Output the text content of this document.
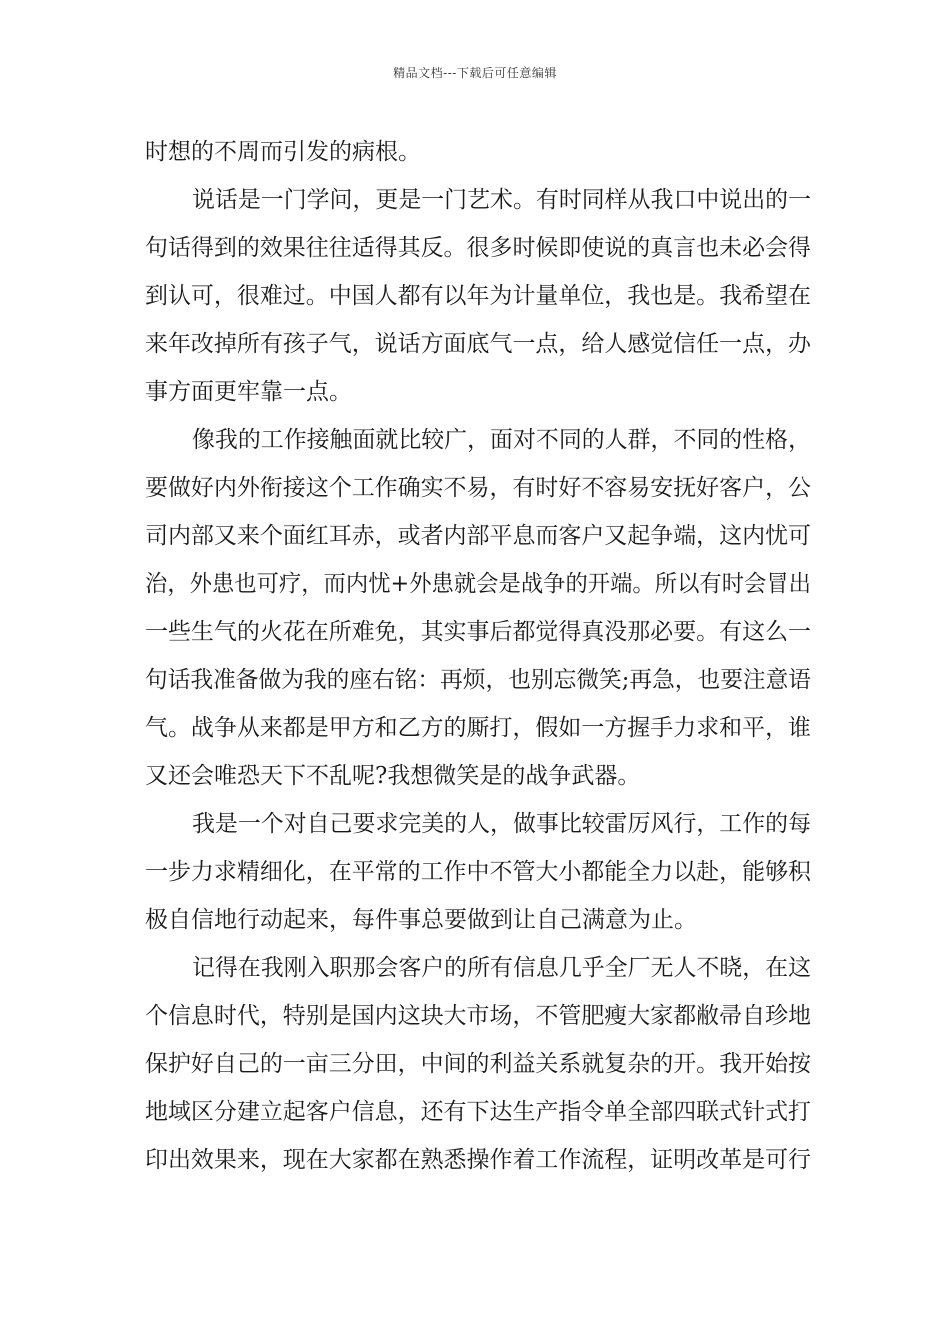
精品文档---下载后可任意编辑
时想的不周而引发的病根。
说话是一门学问，更是一门艺术。有时同样从我口中说出的一
句话得到的效果往往适得其反。很多时候即使说的真言也未必会得
到认可，很难过。中国人都有以年为计量单位，我也是。我希望在
来年改掉所有孩子气，说话方面底气一点，给人感觉信任一点，办
事方面更牢靠一点。
像我的工作接触面就比较广，面对不同的人群，不同的性格，
要做好内外衔接这个工作确实不易，有时好不容易安抚好客户，公
司内部又来个面红耳赤，或者内部平息而客户又起争端，这内忧可
治，外患也可疗，而内忧+外患就会是战争的开端。所以有时会冒出
一些生气的火花在所难免，其实事后都觉得真没那必要。有这么一
句话我准备做为我的座右铭：再烦，也别忘微笑;再急，也要注意语
气。战争从来都是甲方和乙方的厮打，假如一方握手力求和平，谁
又还会唯恐天下不乱呢?我想微笑是的战争武器。
我是一个对自己要求完美的人，做事比较雷厉风行，工作的每
一步力求精细化，在平常的工作中不管大小都能全力以赴，能够积
极自信地行动起来，每件事总要做到让自己满意为止。
记得在我刚入职那会客户的所有信息几乎全厂无人不晓，在这
个信息时代，特别是国内这块大市场，不管肥瘦大家都敝帚自珍地
保护好自己的一亩三分田，中间的利益关系就复杂的开。我开始按
地域区分建立起客户信息，还有下达生产指令单全部四联式针式打
印出效果来，现在大家都在熟悉操作着工作流程，证明改革是可行
